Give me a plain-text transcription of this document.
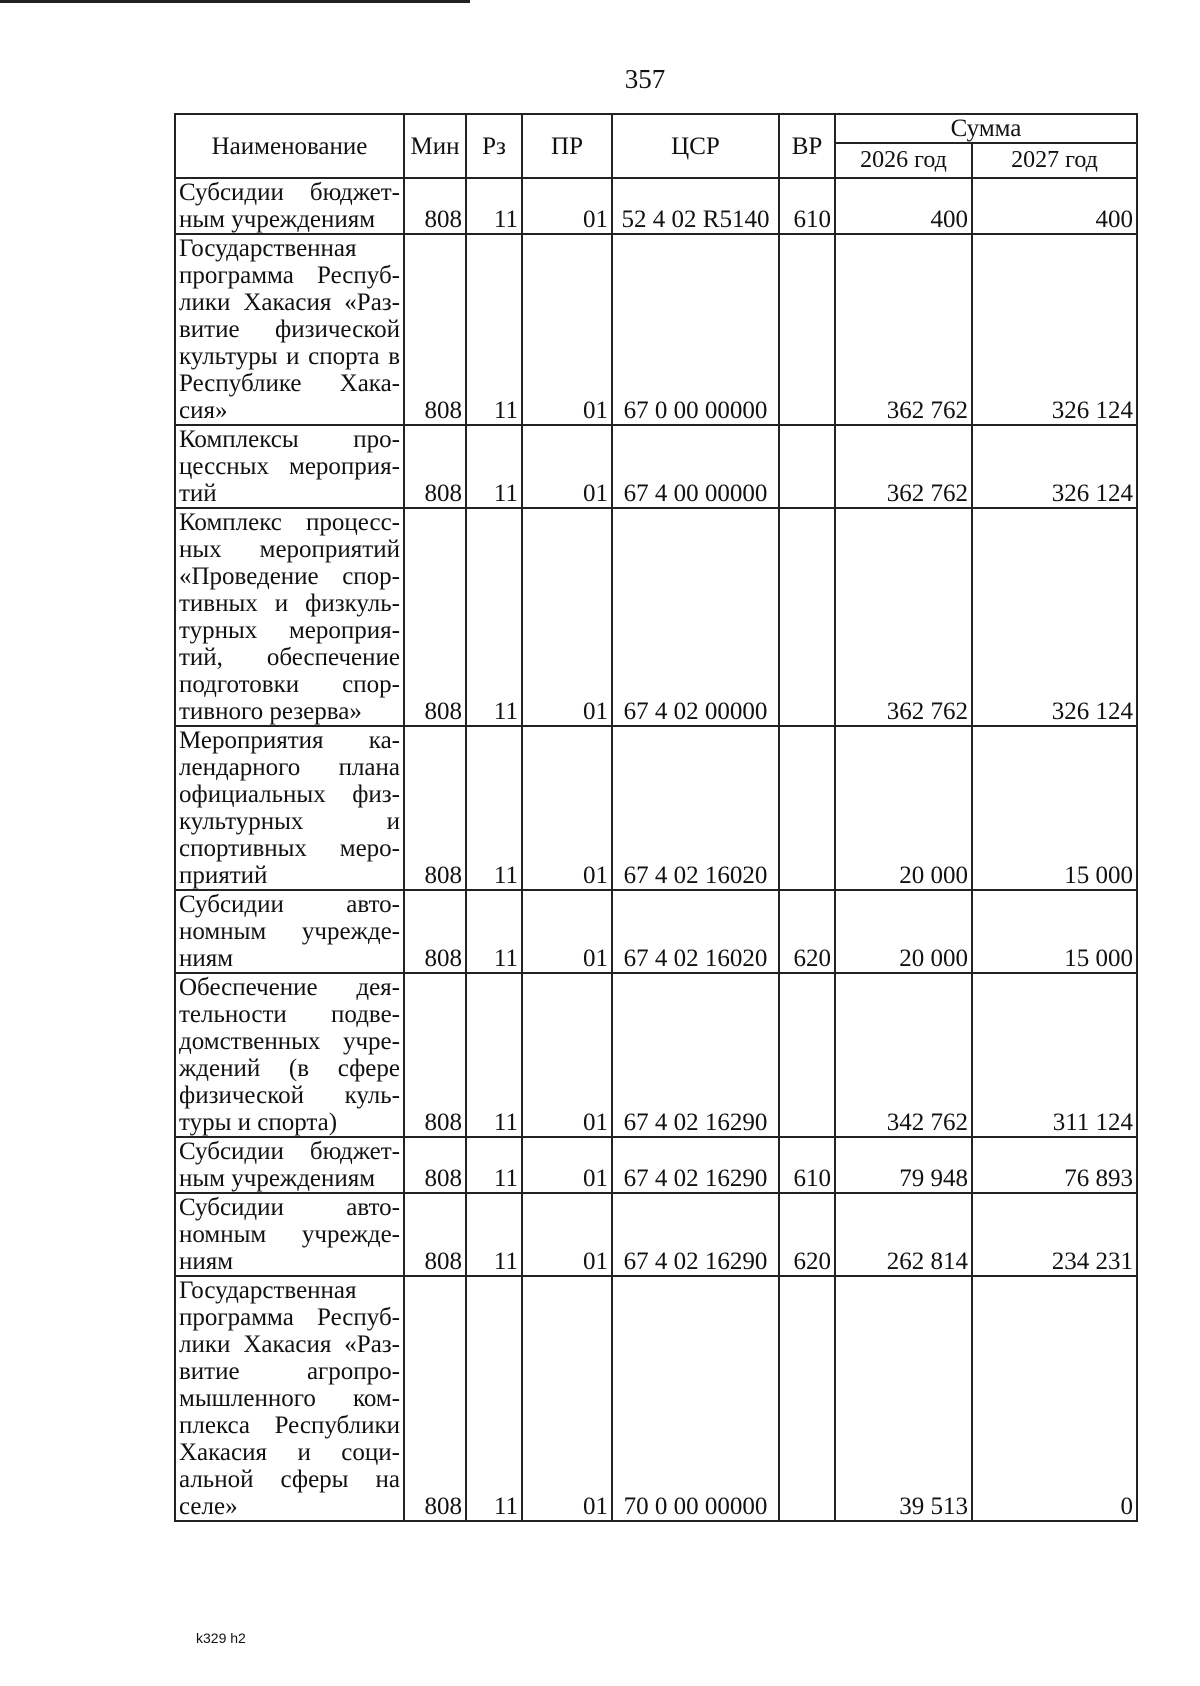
357
Наименование	Мин	Рз	ПР	ЦСР	ВР	Сумма	
						2026 год	2027 год
Субсидии бюджетным учреждениям	808	11	01	52 4 02 R5140	610	400	400
Государственная программа Республики Хакасия «Развитие физической культуры и спорта в Республике Хакасия»	808	11	01	67 0 00 00000		362 762	326 124
Комплексы процессных мероприятий	808	11	01	67 4 00 00000		362 762	326 124
Комплекс процессных мероприятий «Проведение спортивных и физкультурных мероприятий, обеспечение подготовки спортивного резерва»	808	11	01	67 4 02 00000		362 762	326 124
Мероприятия календарного плана официальных физкультурных и спортивных мероприятий	808	11	01	67 4 02 16020		20 000	15 000
Субсидии автономным учреждениям	808	11	01	67 4 02 16020	620	20 000	15 000
Обеспечение деятельности подведомственных учреждений (в сфере физической культуры и спорта)	808	11	01	67 4 02 16290		342 762	311 124
Субсидии бюджетным учреждениям	808	11	01	67 4 02 16290	610	79 948	76 893
Субсидии автономным учреждениям	808	11	01	67 4 02 16290	620	262 814	234 231
Государственная программа Республики Хакасия «Развитие агропромышленного комплекса Республики Хакасия и социальной сферы на селе»	808	11	01	70 0 00 00000		39 513	0
k329 h2
